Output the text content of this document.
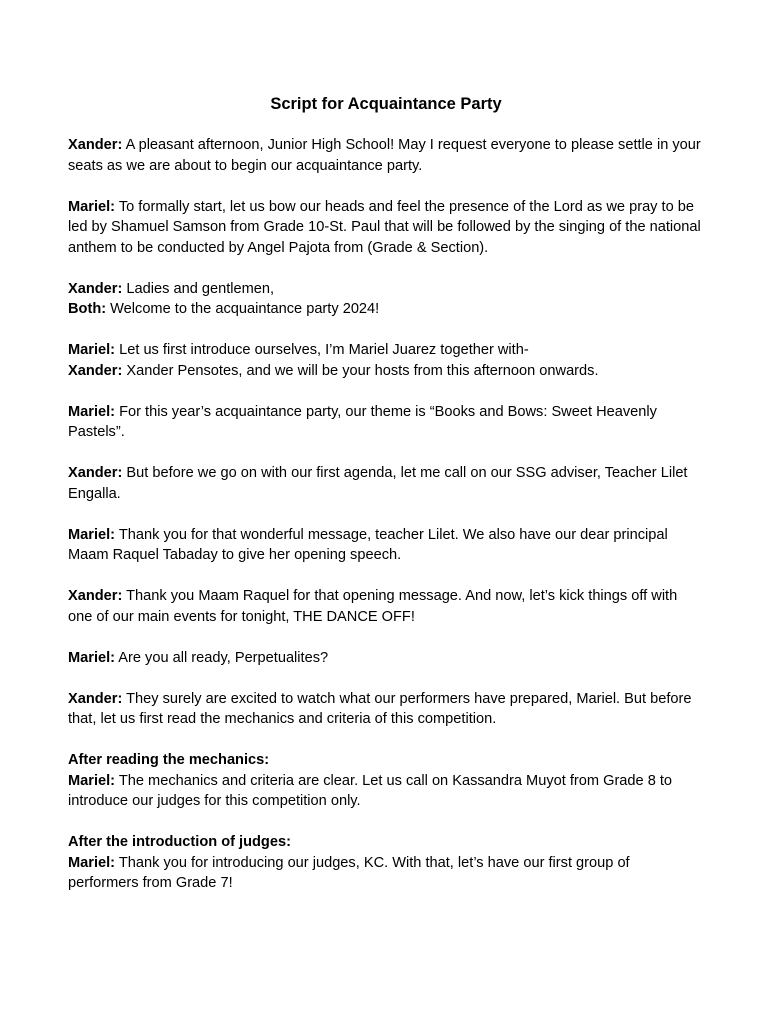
Script for Acquaintance Party

Xander: A pleasant afternoon, Junior High School! May I request everyone to please settle in your seats as we are about to begin our acquaintance party.

Mariel: To formally start, let us bow our heads and feel the presence of the Lord as we pray to be led by Shamuel Samson from Grade 10-St. Paul that will be followed by the singing of the national anthem to be conducted by Angel Pajota from (Grade & Section).

Xander: Ladies and gentlemen,

Both: Welcome to the acquaintance party 2024!

Mariel: Let us first introduce ourselves, I’m Mariel Juarez together with-

Xander: Xander Pensotes, and we will be your hosts from this afternoon onwards.

Mariel: For this year’s acquaintance party, our theme is “Books and Bows: Sweet Heavenly Pastels”.

Xander: But before we go on with our first agenda, let me call on our SSG adviser, Teacher Lilet Engalla.

Mariel: Thank you for that wonderful message, teacher Lilet. We also have our dear principal Maam Raquel Tabaday to give her opening speech.

Xander: Thank you Maam Raquel for that opening message. And now, let’s kick things off with one of our main events for tonight, THE DANCE OFF!

Mariel: Are you all ready, Perpetualites?

Xander: They surely are excited to watch what our performers have prepared, Mariel. But before that, let us first read the mechanics and criteria of this competition.

After reading the mechanics:

Mariel: The mechanics and criteria are clear. Let us call on Kassandra Muyot from Grade 8 to introduce our judges for this competition only.

After the introduction of judges:

Mariel: Thank you for introducing our judges, KC. With that, let’s have our first group of performers from Grade 7!
